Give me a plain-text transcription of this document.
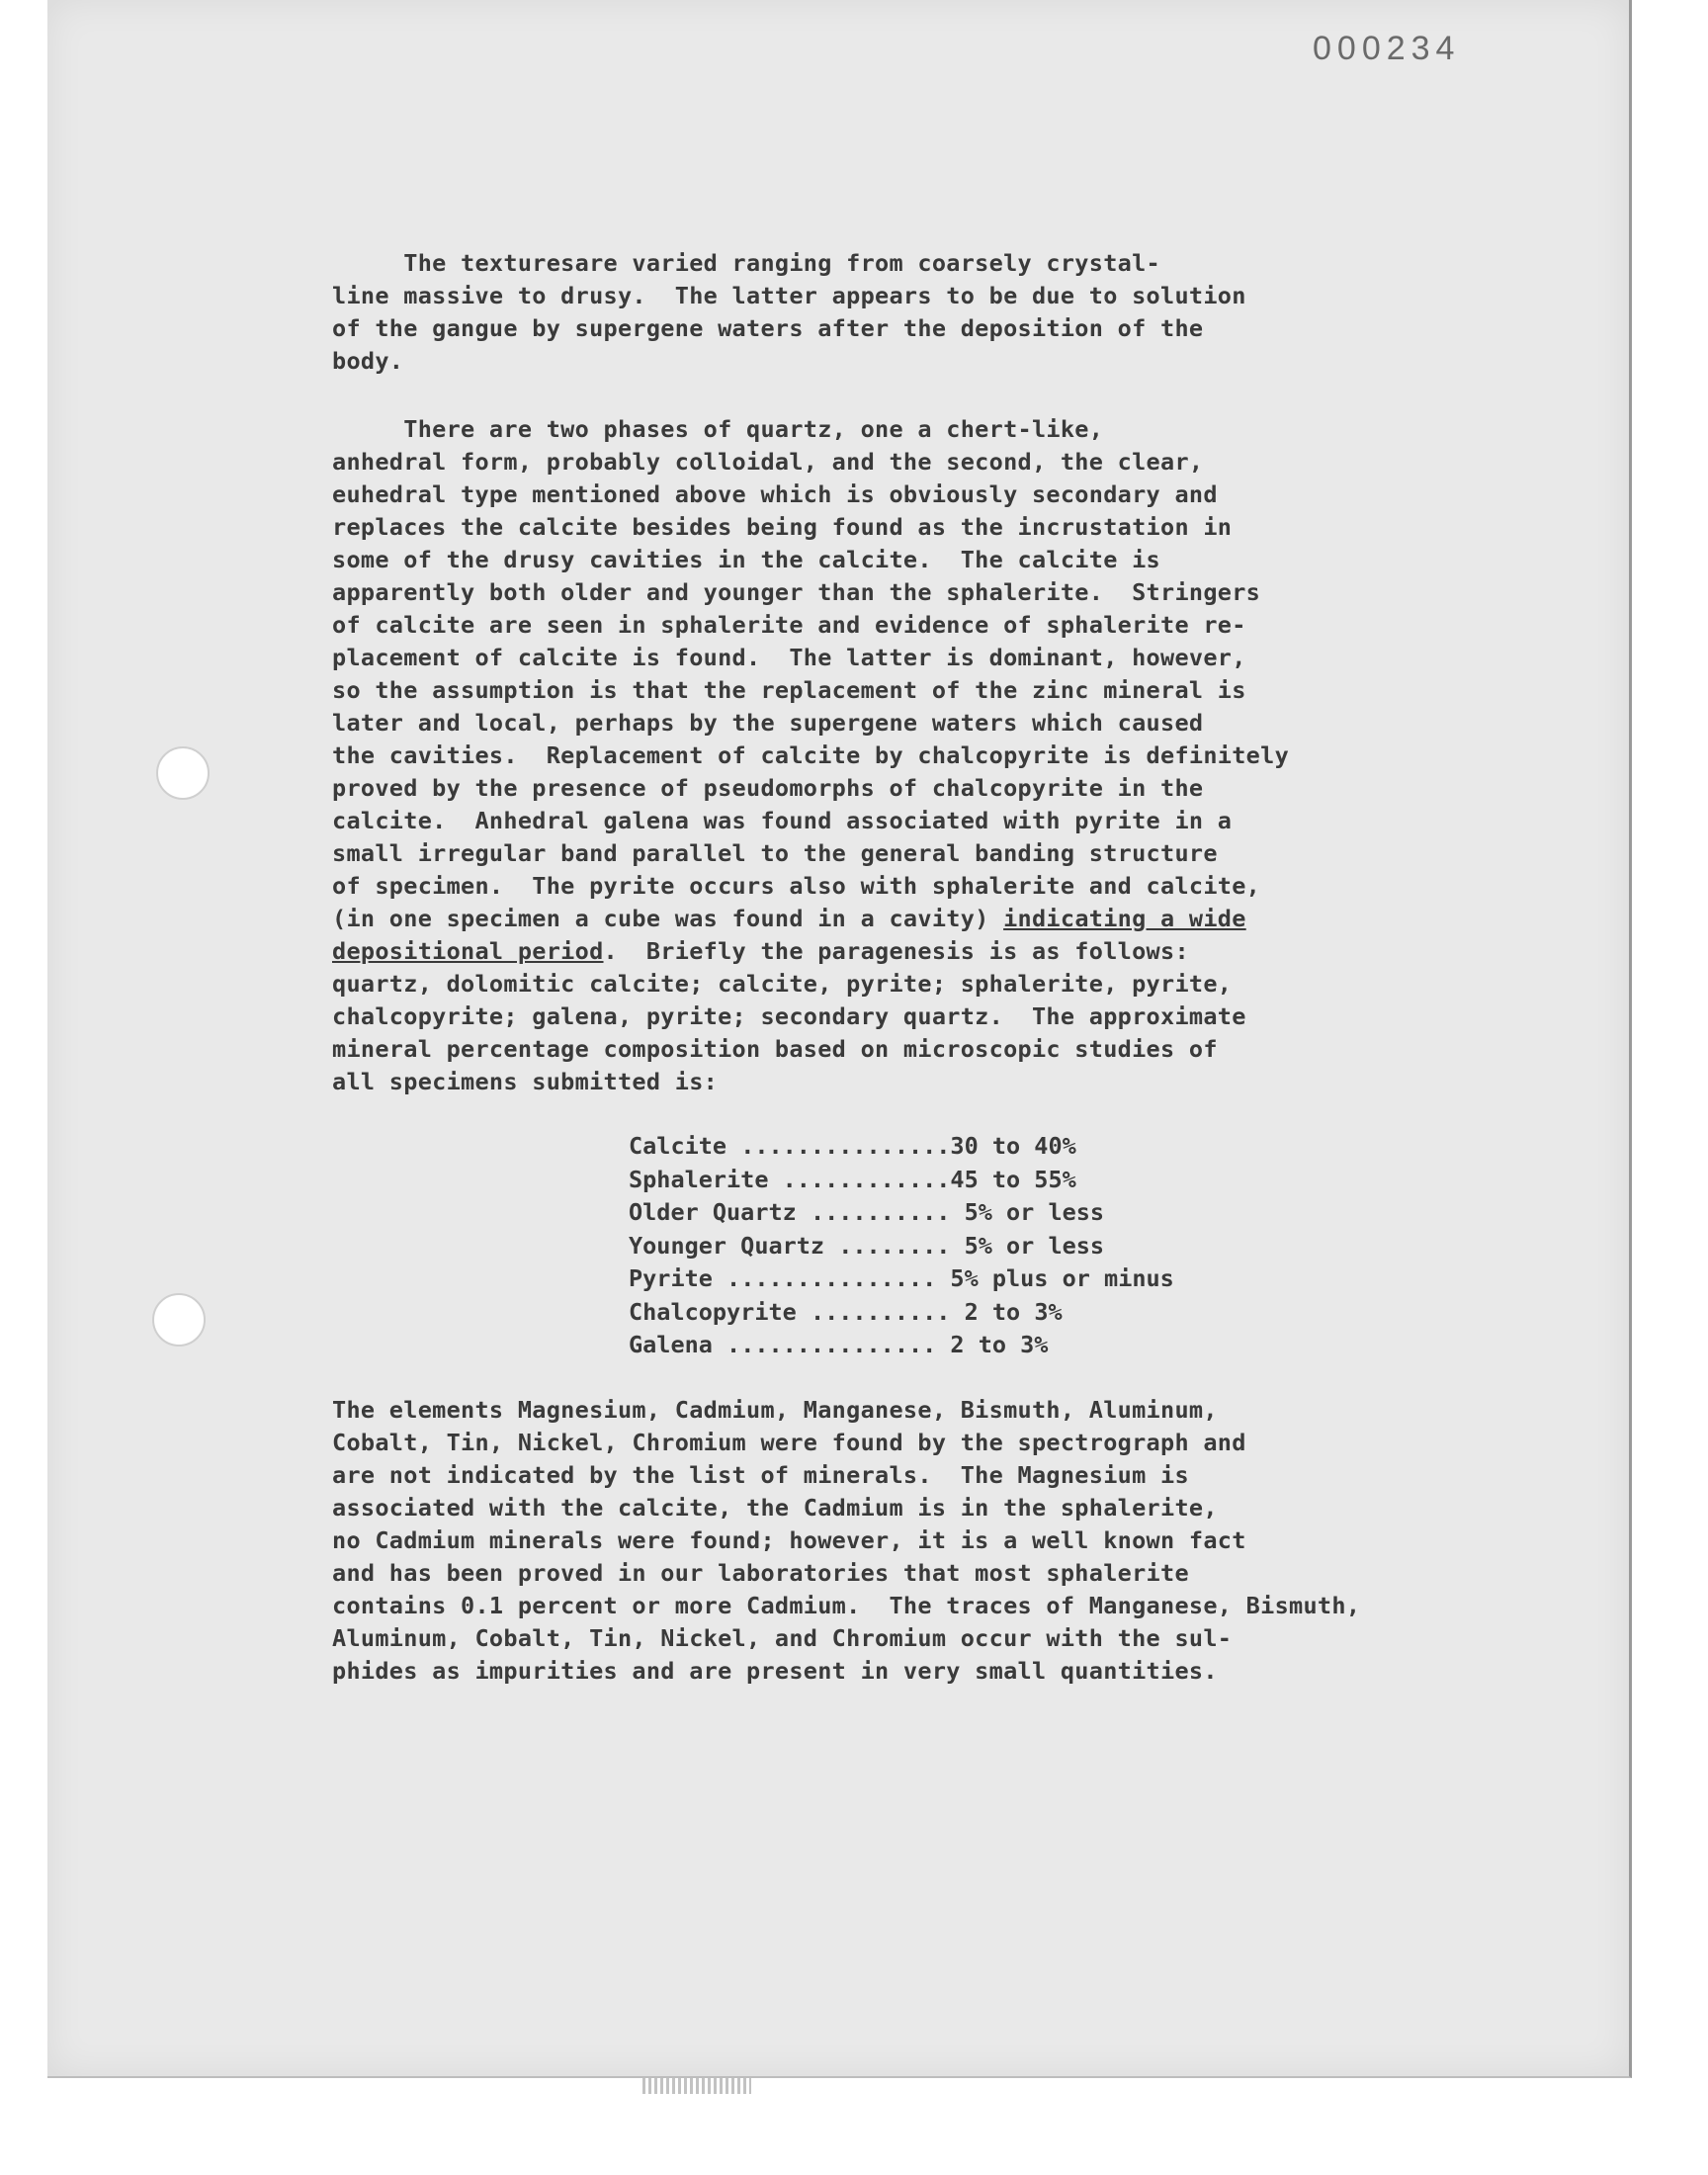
000234
The texturesare varied ranging from coarsely crystal-
line massive to drusy.  The latter appears to be due to solution
of the gangue by supergene waters after the deposition of the
body.
There are two phases of quartz, one a chert-like,
anhedral form, probably colloidal, and the second, the clear,
euhedral type mentioned above which is obviously secondary and
replaces the calcite besides being found as the incrustation in
some of the drusy cavities in the calcite.  The calcite is
apparently both older and younger than the sphalerite.  Stringers
of calcite are seen in sphalerite and evidence of sphalerite re-
placement of calcite is found.  The latter is dominant, however,
so the assumption is that the replacement of the zinc mineral is
later and local, perhaps by the supergene waters which caused
the cavities.  Replacement of calcite by chalcopyrite is definitely
proved by the presence of pseudomorphs of chalcopyrite in the
calcite.  Anhedral galena was found associated with pyrite in a
small irregular band parallel to the general banding structure
of specimen.  The pyrite occurs also with sphalerite and calcite,
(in one specimen a cube was found in a cavity) indicating a wide
depositional period.  Briefly the paragenesis is as follows:
quartz, dolomitic calcite; calcite, pyrite; sphalerite, pyrite,
chalcopyrite; galena, pyrite; secondary quartz.  The approximate
mineral percentage composition based on microscopic studies of
all specimens submitted is:
Calcite ...............30 to 40%
Sphalerite ............45 to 55%
Older Quartz .......... 5% or less
Younger Quartz ........ 5% or less
Pyrite ............... 5% plus or minus
Chalcopyrite .......... 2 to 3%
Galena ............... 2 to 3%
The elements Magnesium, Cadmium, Manganese, Bismuth, Aluminum,
Cobalt, Tin, Nickel, Chromium were found by the spectrograph and
are not indicated by the list of minerals.  The Magnesium is
associated with the calcite, the Cadmium is in the sphalerite,
no Cadmium minerals were found; however, it is a well known fact
and has been proved in our laboratories that most sphalerite
contains 0.1 percent or more Cadmium.  The traces of Manganese, Bismuth,
Aluminum, Cobalt, Tin, Nickel, and Chromium occur with the sul-
phides as impurities and are present in very small quantities.
